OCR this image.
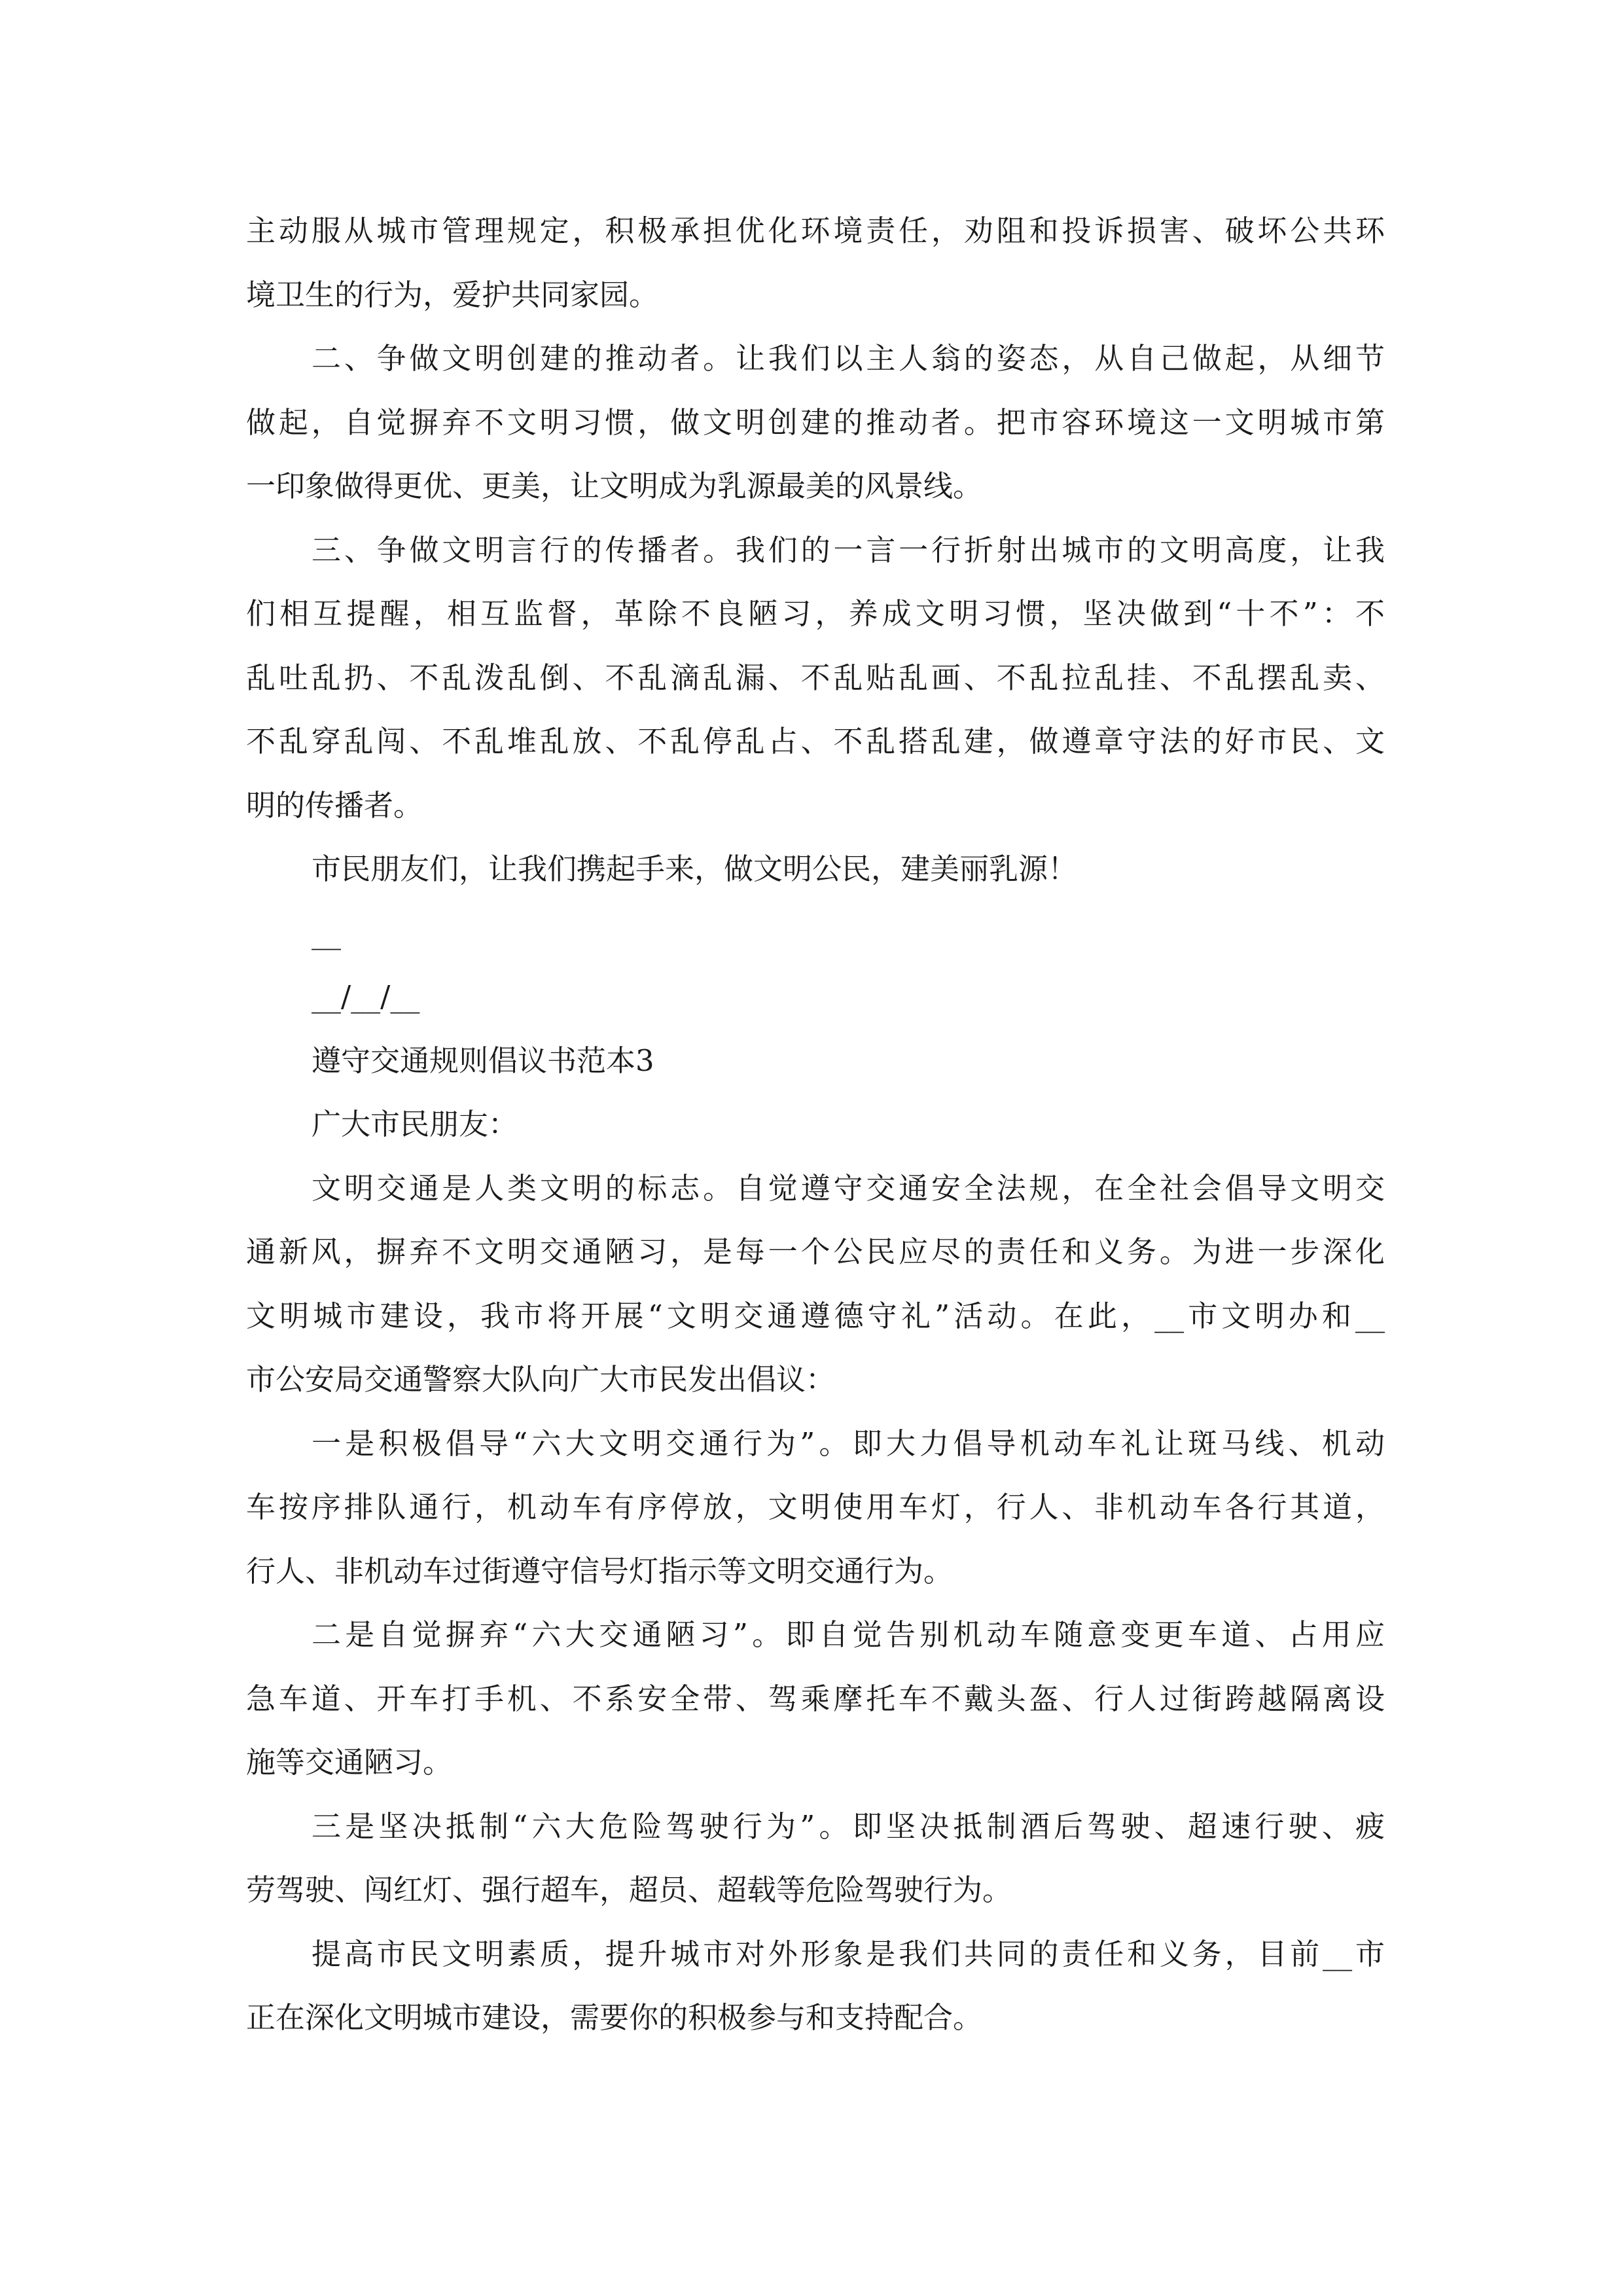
主动服从城市管理规定，积极承担优化环境责任，劝阻和投诉损害、破坏公共环
境卫生的行为，爱护共同家园。
二、争做文明创建的推动者。让我们以主人翁的姿态，从自己做起，从细节
做起，自觉摒弃不文明习惯，做文明创建的推动者。把市容环境这一文明城市第
一印象做得更优、更美，让文明成为乳源最美的风景线。
三、争做文明言行的传播者。我们的一言一行折射出城市的文明高度，让我
们相互提醒，相互监督，革除不良陋习，养成文明习惯，坚决做到“十不”：不
乱吐乱扔、不乱泼乱倒、不乱滴乱漏、不乱贴乱画、不乱拉乱挂、不乱摆乱卖、
不乱穿乱闯、不乱堆乱放、不乱停乱占、不乱搭乱建，做遵章守法的好市民、文
明的传播者。
市民朋友们，让我们携起手来，做文明公民，建美丽乳源！
__
__/__/__
遵守交通规则倡议书范本3
广大市民朋友：
文明交通是人类文明的标志。自觉遵守交通安全法规，在全社会倡导文明交
通新风，摒弃不文明交通陋习，是每一个公民应尽的责任和义务。为进一步深化
文明城市建设，我市将开展“文明交通遵德守礼”活动。在此，__市文明办和__
市公安局交通警察大队向广大市民发出倡议：
一是积极倡导“六大文明交通行为”。即大力倡导机动车礼让斑马线、机动
车按序排队通行，机动车有序停放，文明使用车灯，行人、非机动车各行其道，
行人、非机动车过街遵守信号灯指示等文明交通行为。
二是自觉摒弃“六大交通陋习”。即自觉告别机动车随意变更车道、占用应
急车道、开车打手机、不系安全带、驾乘摩托车不戴头盔、行人过街跨越隔离设
施等交通陋习。
三是坚决抵制“六大危险驾驶行为”。即坚决抵制酒后驾驶、超速行驶、疲
劳驾驶、闯红灯、强行超车，超员、超载等危险驾驶行为。
提高市民文明素质，提升城市对外形象是我们共同的责任和义务，目前__市
正在深化文明城市建设，需要你的积极参与和支持配合。
